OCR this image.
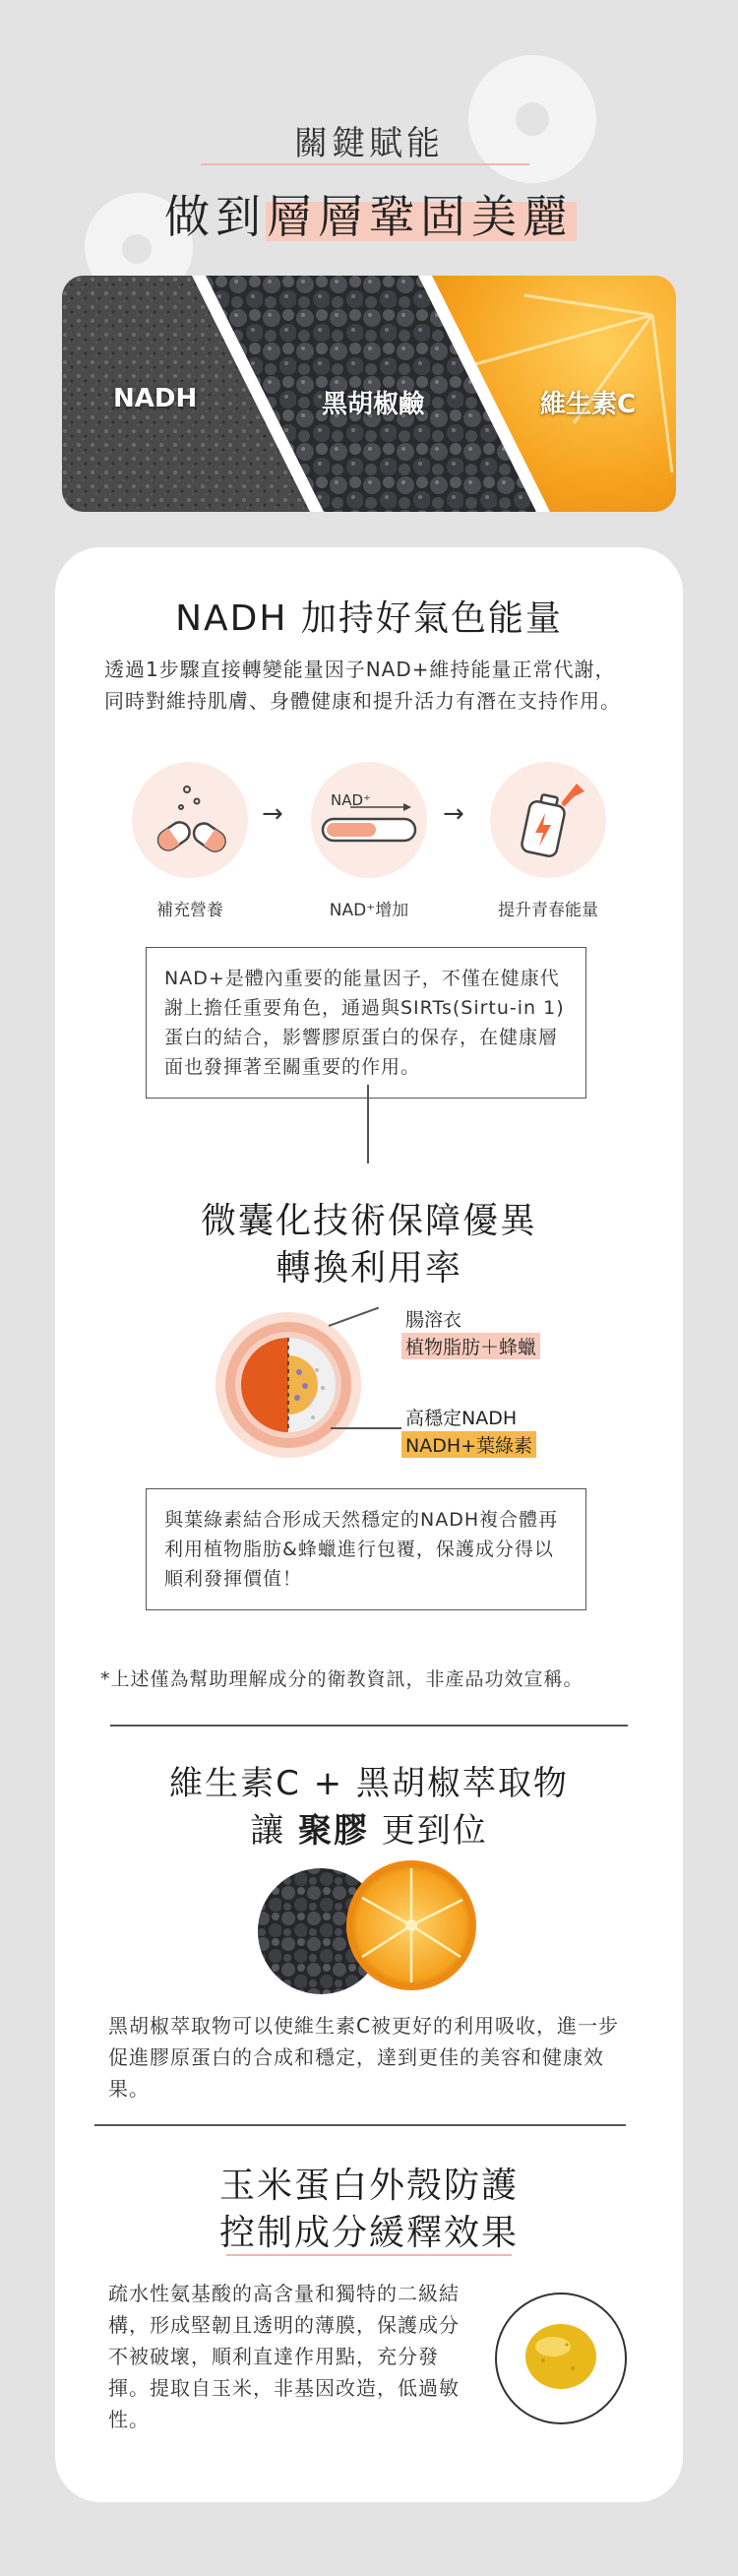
關鍵賦能
做到層層鞏固美麗
NADH	黑胡椒鹼	維生素C
NADH 加持好氣色能量
透過1步驟直接轉變能量因子NAD+維持能量正常代謝，同時對維持肌膚、身體健康和提升活力有潛在支持作用。
→	NAD⁺	→
補充營養	NAD⁺增加	提升青春能量
NAD+是體內重要的能量因子，不僅在健康代謝上擔任重要角色，通過與SIRTs(Sirtu-in 1)蛋白的結合，影響膠原蛋白的保存，在健康層面也發揮著至關重要的作用。
微囊化技術保障優異
轉換利用率
腸溶衣
植物脂肪＋蜂蠟
高穩定NADH
NADH+葉綠素
與葉綠素結合形成天然穩定的NADH複合體再利用植物脂肪&蜂蠟進行包覆，保護成分得以順利發揮價值！
*上述僅為幫助理解成分的衛教資訊，非產品功效宣稱。
維生素C + 黑胡椒萃取物
讓 聚膠 更到位
黑胡椒萃取物可以使維生素C被更好的利用吸收，進一步促進膠原蛋白的合成和穩定，達到更佳的美容和健康效果。
玉米蛋白外殼防護
控制成分緩釋效果
疏水性氨基酸的高含量和獨特的二級結構，形成堅韌且透明的薄膜，保護成分不被破壞，順利直達作用點，充分發揮。提取自玉米，非基因改造，低過敏性。
